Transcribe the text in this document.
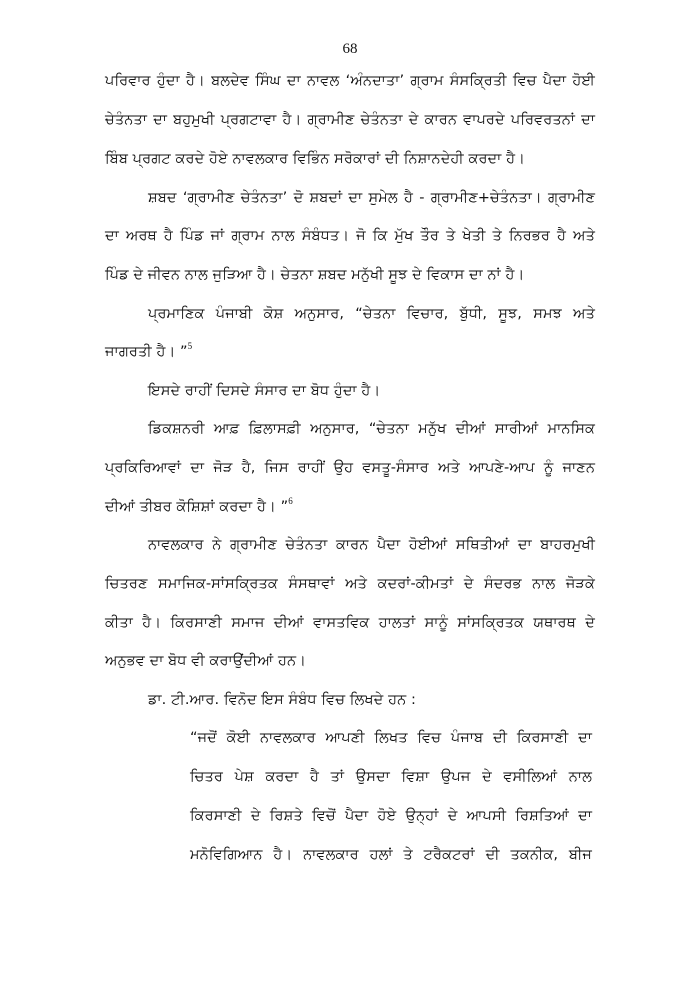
68
ਪਰਿਵਾਰ ਹੁੰਦਾ ਹੈ। ਬਲਦੇਵ ਸਿੰਘ ਦਾ ਨਾਵਲ ‘ਅੰਨਦਾਤਾ’ ਗ੍ਰਾਮ ਸੰਸਕ੍ਰਿਤੀ ਵਿਚ ਪੈਦਾ ਹੋਈ
ਚੇਤੰਨਤਾ ਦਾ ਬਹੁਮੁਖੀ ਪ੍ਰਗਟਾਵਾ ਹੈ। ਗ੍ਰਾਮੀਣ ਚੇਤੰਨਤਾ ਦੇ ਕਾਰਨ ਵਾਪਰਦੇ ਪਰਿਵਰਤਨਾਂ ਦਾ
ਬਿੰਬ ਪ੍ਰਗਟ ਕਰਦੇ ਹੋਏ ਨਾਵਲਕਾਰ ਵਿਭਿੰਨ ਸਰੋਕਾਰਾਂ ਦੀ ਨਿਸ਼ਾਨਦੇਹੀ ਕਰਦਾ ਹੈ।
ਸ਼ਬਦ ‘ਗ੍ਰਾਮੀਣ ਚੇਤੰਨਤਾ’ ਦੋ ਸ਼ਬਦਾਂ ਦਾ ਸੁਮੇਲ ਹੈ - ਗ੍ਰਾਮੀਣ+ਚੇਤੰਨਤਾ। ਗ੍ਰਾਮੀਣ
ਦਾ ਅਰਥ ਹੈ ਪਿੰਡ ਜਾਂ ਗ੍ਰਾਮ ਨਾਲ ਸੰਬੰਧਤ। ਜੋ ਕਿ ਮੁੱਖ ਤੌਰ ਤੇ ਖੇਤੀ ਤੇ ਨਿਰਭਰ ਹੈ ਅਤੇ
ਪਿੰਡ ਦੇ ਜੀਵਨ ਨਾਲ ਜੁੜਿਆ ਹੈ। ਚੇਤਨਾ ਸ਼ਬਦ ਮਨੁੱਖੀ ਸੂਝ ਦੇ ਵਿਕਾਸ ਦਾ ਨਾਂ ਹੈ।
ਪ੍ਰਮਾਣਿਕ ਪੰਜਾਬੀ ਕੋਸ਼ ਅਨੁਸਾਰ, “ਚੇਤਨਾ ਵਿਚਾਰ, ਬੁੱਧੀ, ਸੂਝ, ਸਮਝ ਅਤੇ
ਜਾਗਰਤੀ ਹੈ। ”$^5$
ਇਸਦੇ ਰਾਹੀਂ ਦਿਸਦੇ ਸੰਸਾਰ ਦਾ ਬੋਧ ਹੁੰਦਾ ਹੈ।
ਡਿਕਸ਼ਨਰੀ ਆਫ਼ ਫ਼ਿਲਾਸਫ਼ੀ ਅਨੁਸਾਰ, “ਚੇਤਨਾ ਮਨੁੱਖ ਦੀਆਂ ਸਾਰੀਆਂ ਮਾਨਸਿਕ
ਪ੍ਰਕਿਰਿਆਵਾਂ ਦਾ ਜੋੜ ਹੈ, ਜਿਸ ਰਾਹੀਂ ਉਹ ਵਸਤੂ-ਸੰਸਾਰ ਅਤੇ ਆਪਣੇ-ਆਪ ਨੂੰ ਜਾਣਨ
ਦੀਆਂ ਤੀਬਰ ਕੋਸ਼ਿਸ਼ਾਂ ਕਰਦਾ ਹੈ। ”$^6$
ਨਾਵਲਕਾਰ ਨੇ ਗ੍ਰਾਮੀਣ ਚੇਤੰਨਤਾ ਕਾਰਨ ਪੈਦਾ ਹੋਈਆਂ ਸਥਿਤੀਆਂ ਦਾ ਬਾਹਰਮੁਖੀ
ਚਿਤਰਣ ਸਮਾਜਿਕ-ਸਾਂਸਕ੍ਰਿਤਕ ਸੰਸਥਾਵਾਂ ਅਤੇ ਕਦਰਾਂ-ਕੀਮਤਾਂ ਦੇ ਸੰਦਰਭ ਨਾਲ ਜੋੜਕੇ
ਕੀਤਾ ਹੈ। ਕਿਰਸਾਣੀ ਸਮਾਜ ਦੀਆਂ ਵਾਸਤਵਿਕ ਹਾਲਤਾਂ ਸਾਨੂੰ ਸਾਂਸਕ੍ਰਿਤਕ ਯਥਾਰਥ ਦੇ
ਅਨੁਭਵ ਦਾ ਬੋਧ ਵੀ ਕਰਾਉਂਦੀਆਂ ਹਨ।
ਡਾ. ਟੀ.ਆਰ. ਵਿਨੋਦ ਇਸ ਸੰਬੰਧ ਵਿਚ ਲਿਖਦੇ ਹਨ :
“ਜਦੋਂ ਕੋਈ ਨਾਵਲਕਾਰ ਆਪਣੀ ਲਿਖਤ ਵਿਚ ਪੰਜਾਬ ਦੀ ਕਿਰਸਾਣੀ ਦਾ
ਚਿਤਰ ਪੇਸ਼ ਕਰਦਾ ਹੈ ਤਾਂ ਉਸਦਾ ਵਿਸ਼ਾ ਉਪਜ ਦੇ ਵਸੀਲਿਆਂ ਨਾਲ
ਕਿਰਸਾਣੀ ਦੇ ਰਿਸ਼ਤੇ ਵਿਚੋਂ ਪੈਦਾ ਹੋਏ ਉਨ੍ਹਾਂ ਦੇ ਆਪਸੀ ਰਿਸ਼ਤਿਆਂ ਦਾ
ਮਨੋਵਿਗਿਆਨ ਹੈ। ਨਾਵਲਕਾਰ ਹਲਾਂ ਤੇ ਟਰੈਕਟਰਾਂ ਦੀ ਤਕਨੀਕ, ਬੀਜ
